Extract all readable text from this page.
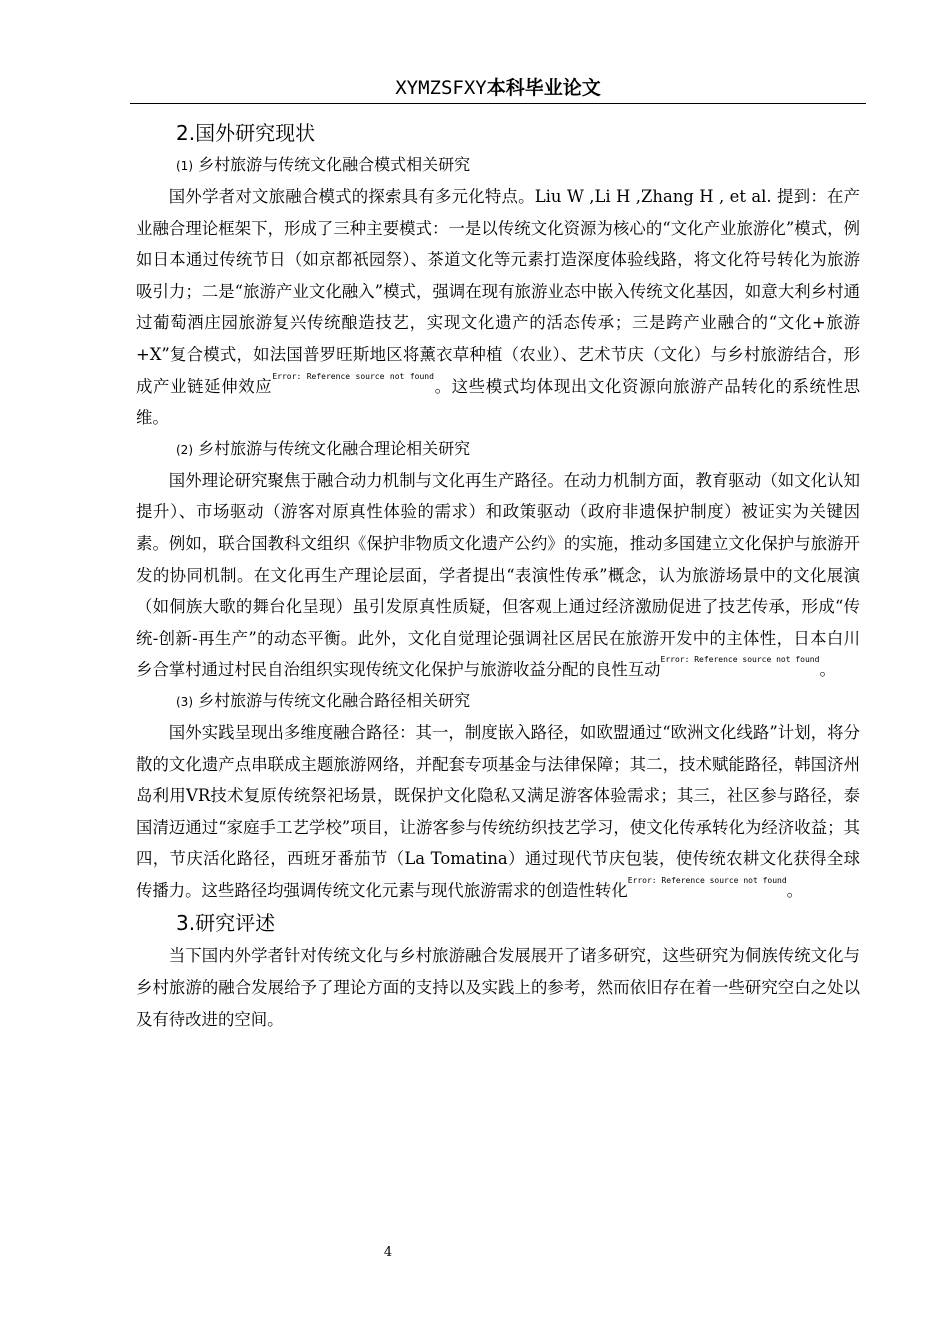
XYMZSFXY本科毕业论文
2.国外研究现状
(1) 乡村旅游与传统文化融合模式相关研究

国外学者对文旅融合模式的探索具有多元化特点。Liu W ,Li H ,Zhang H , et al. 提到：在产业融合理论框架下，形成了三种主要模式：一是以传统文化资源为核心的“文化产业旅游化”模式，例如日本通过传统节日（如京都祇园祭）、茶道文化等元素打造深度体验线路，将文化符号转化为旅游吸引力；二是“旅游产业文化融入”模式，强调在现有旅游业态中嵌入传统文化基因，如意大利乡村通过葡萄酒庄园旅游复兴传统酿造技艺，实现文化遗产的活态传承；三是跨产业融合的“文化+旅游+X”复合模式，如法国普罗旺斯地区将薰衣草种植（农业）、艺术节庆（文化）与乡村旅游结合，形成产业链延伸效应$^{Error: Reference source not found}$。这些模式均体现出文化资源向旅游产品转化的系统性思维。

(2) 乡村旅游与传统文化融合理论相关研究

国外理论研究聚焦于融合动力机制与文化再生产路径。在动力机制方面，教育驱动（如文化认知提升）、市场驱动（游客对原真性体验的需求）和政策驱动（政府非遗保护制度）被证实为关键因素。例如，联合国教科文组织《保护非物质文化遗产公约》的实施，推动多国建立文化保护与旅游开发的协同机制。在文化再生产理论层面，学者提出“表演性传承”概念，认为旅游场景中的文化展演（如侗族大歌的舞台化呈现）虽引发原真性质疑，但客观上通过经济激励促进了技艺传承，形成“传统-创新-再生产”的动态平衡。此外，文化自觉理论强调社区居民在旅游开发中的主体性，日本白川乡合掌村通过村民自治组织实现传统文化保护与旅游收益分配的良性互动$^{Error: Reference source not found}$。

(3) 乡村旅游与传统文化融合路径相关研究

国外实践呈现出多维度融合路径：其一，制度嵌入路径，如欧盟通过“欧洲文化线路”计划，将分散的文化遗产点串联成主题旅游网络，并配套专项基金与法律保障；其二，技术赋能路径，韩国济州岛利用VR技术复原传统祭祀场景，既保护文化隐私又满足游客体验需求；其三，社区参与路径，泰国清迈通过“家庭手工艺学校”项目，让游客参与传统纺织技艺学习，使文化传承转化为经济收益；其四，节庆活化路径，西班牙番茄节（La Tomatina）通过现代节庆包装，使传统农耕文化获得全球传播力。这些路径均强调传统文化元素与现代旅游需求的创造性转化$^{Error: Reference source not found}$。

3.研究评述

当下国内外学者针对传统文化与乡村旅游融合发展展开了诸多研究，这些研究为侗族传统文化与乡村旅游的融合发展给予了理论方面的支持以及实践上的参考，然而依旧存在着一些研究空白之处以及有待改进的空间。

4
